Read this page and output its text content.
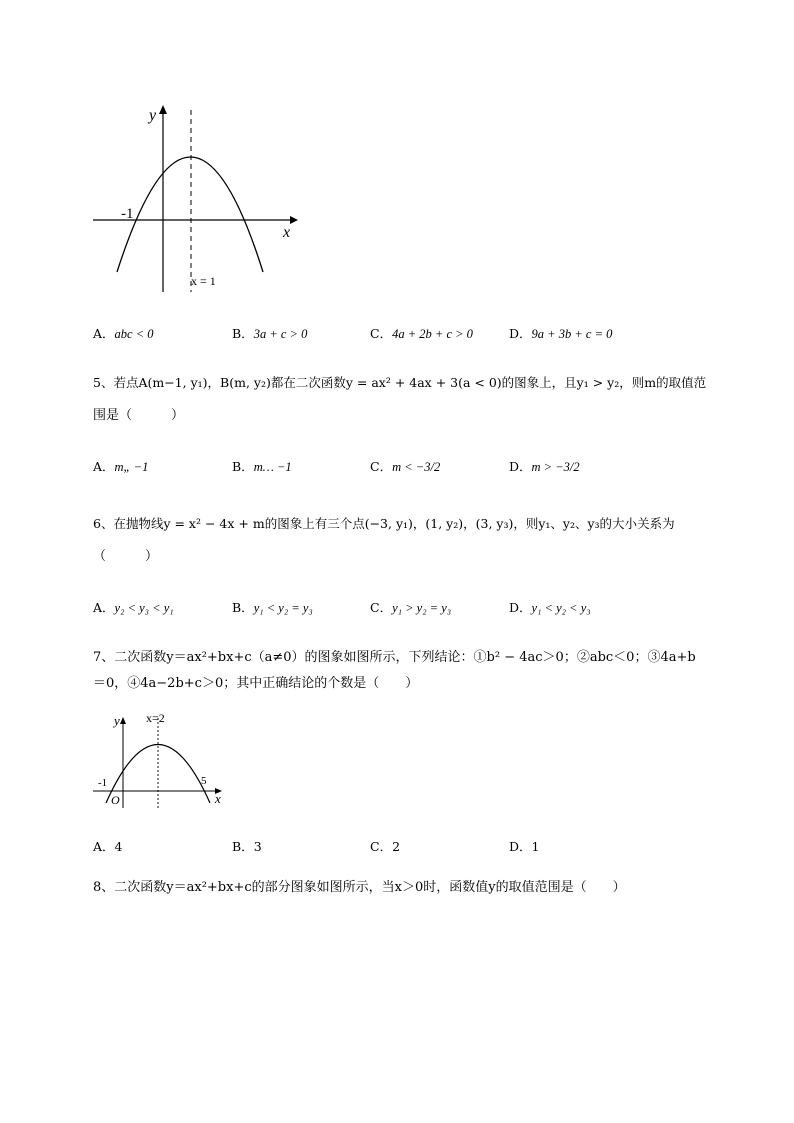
y
x
-1
x = 1
A．abc < 0	B．3a + c > 0	C．4a + 2b + c > 0	D．9a + 3b + c = 0
5、若点A(m−1, y₁)，B(m, y₂)都在二次函数y = ax² + 4ax + 3(a < 0)的图象上，且y₁ > y₂，则m的取值范
围是（　　　）
A．m„ −1	B．m… −1	C．m < −3/2	D．m > −3/2
6、在抛物线y = x² − 4x + m的图象上有三个点(−3, y₁)，(1, y₂)，(3, y₃)，则y₁、y₂、y₃的大小关系为
（　　　）
A．y₂ < y₃ < y₁	B．y₁ < y₂ = y₃	C．y₁ > y₂ = y₃	D．y₁ < y₂ < y₃
7、二次函数y＝ax²+bx+c（a≠0）的图象如图所示，下列结论：①b² − 4ac＞0；②abc＜0；③4a+b
＝0，④4a−2b+c＞0；其中正确结论的个数是（　　）
y
x
x=2
-1	5
O
A．4	B．3	C．2	D．1
8、二次函数y＝ax²+bx+c的部分图象如图所示，当x＞0时，函数值y的取值范围是（　　）
